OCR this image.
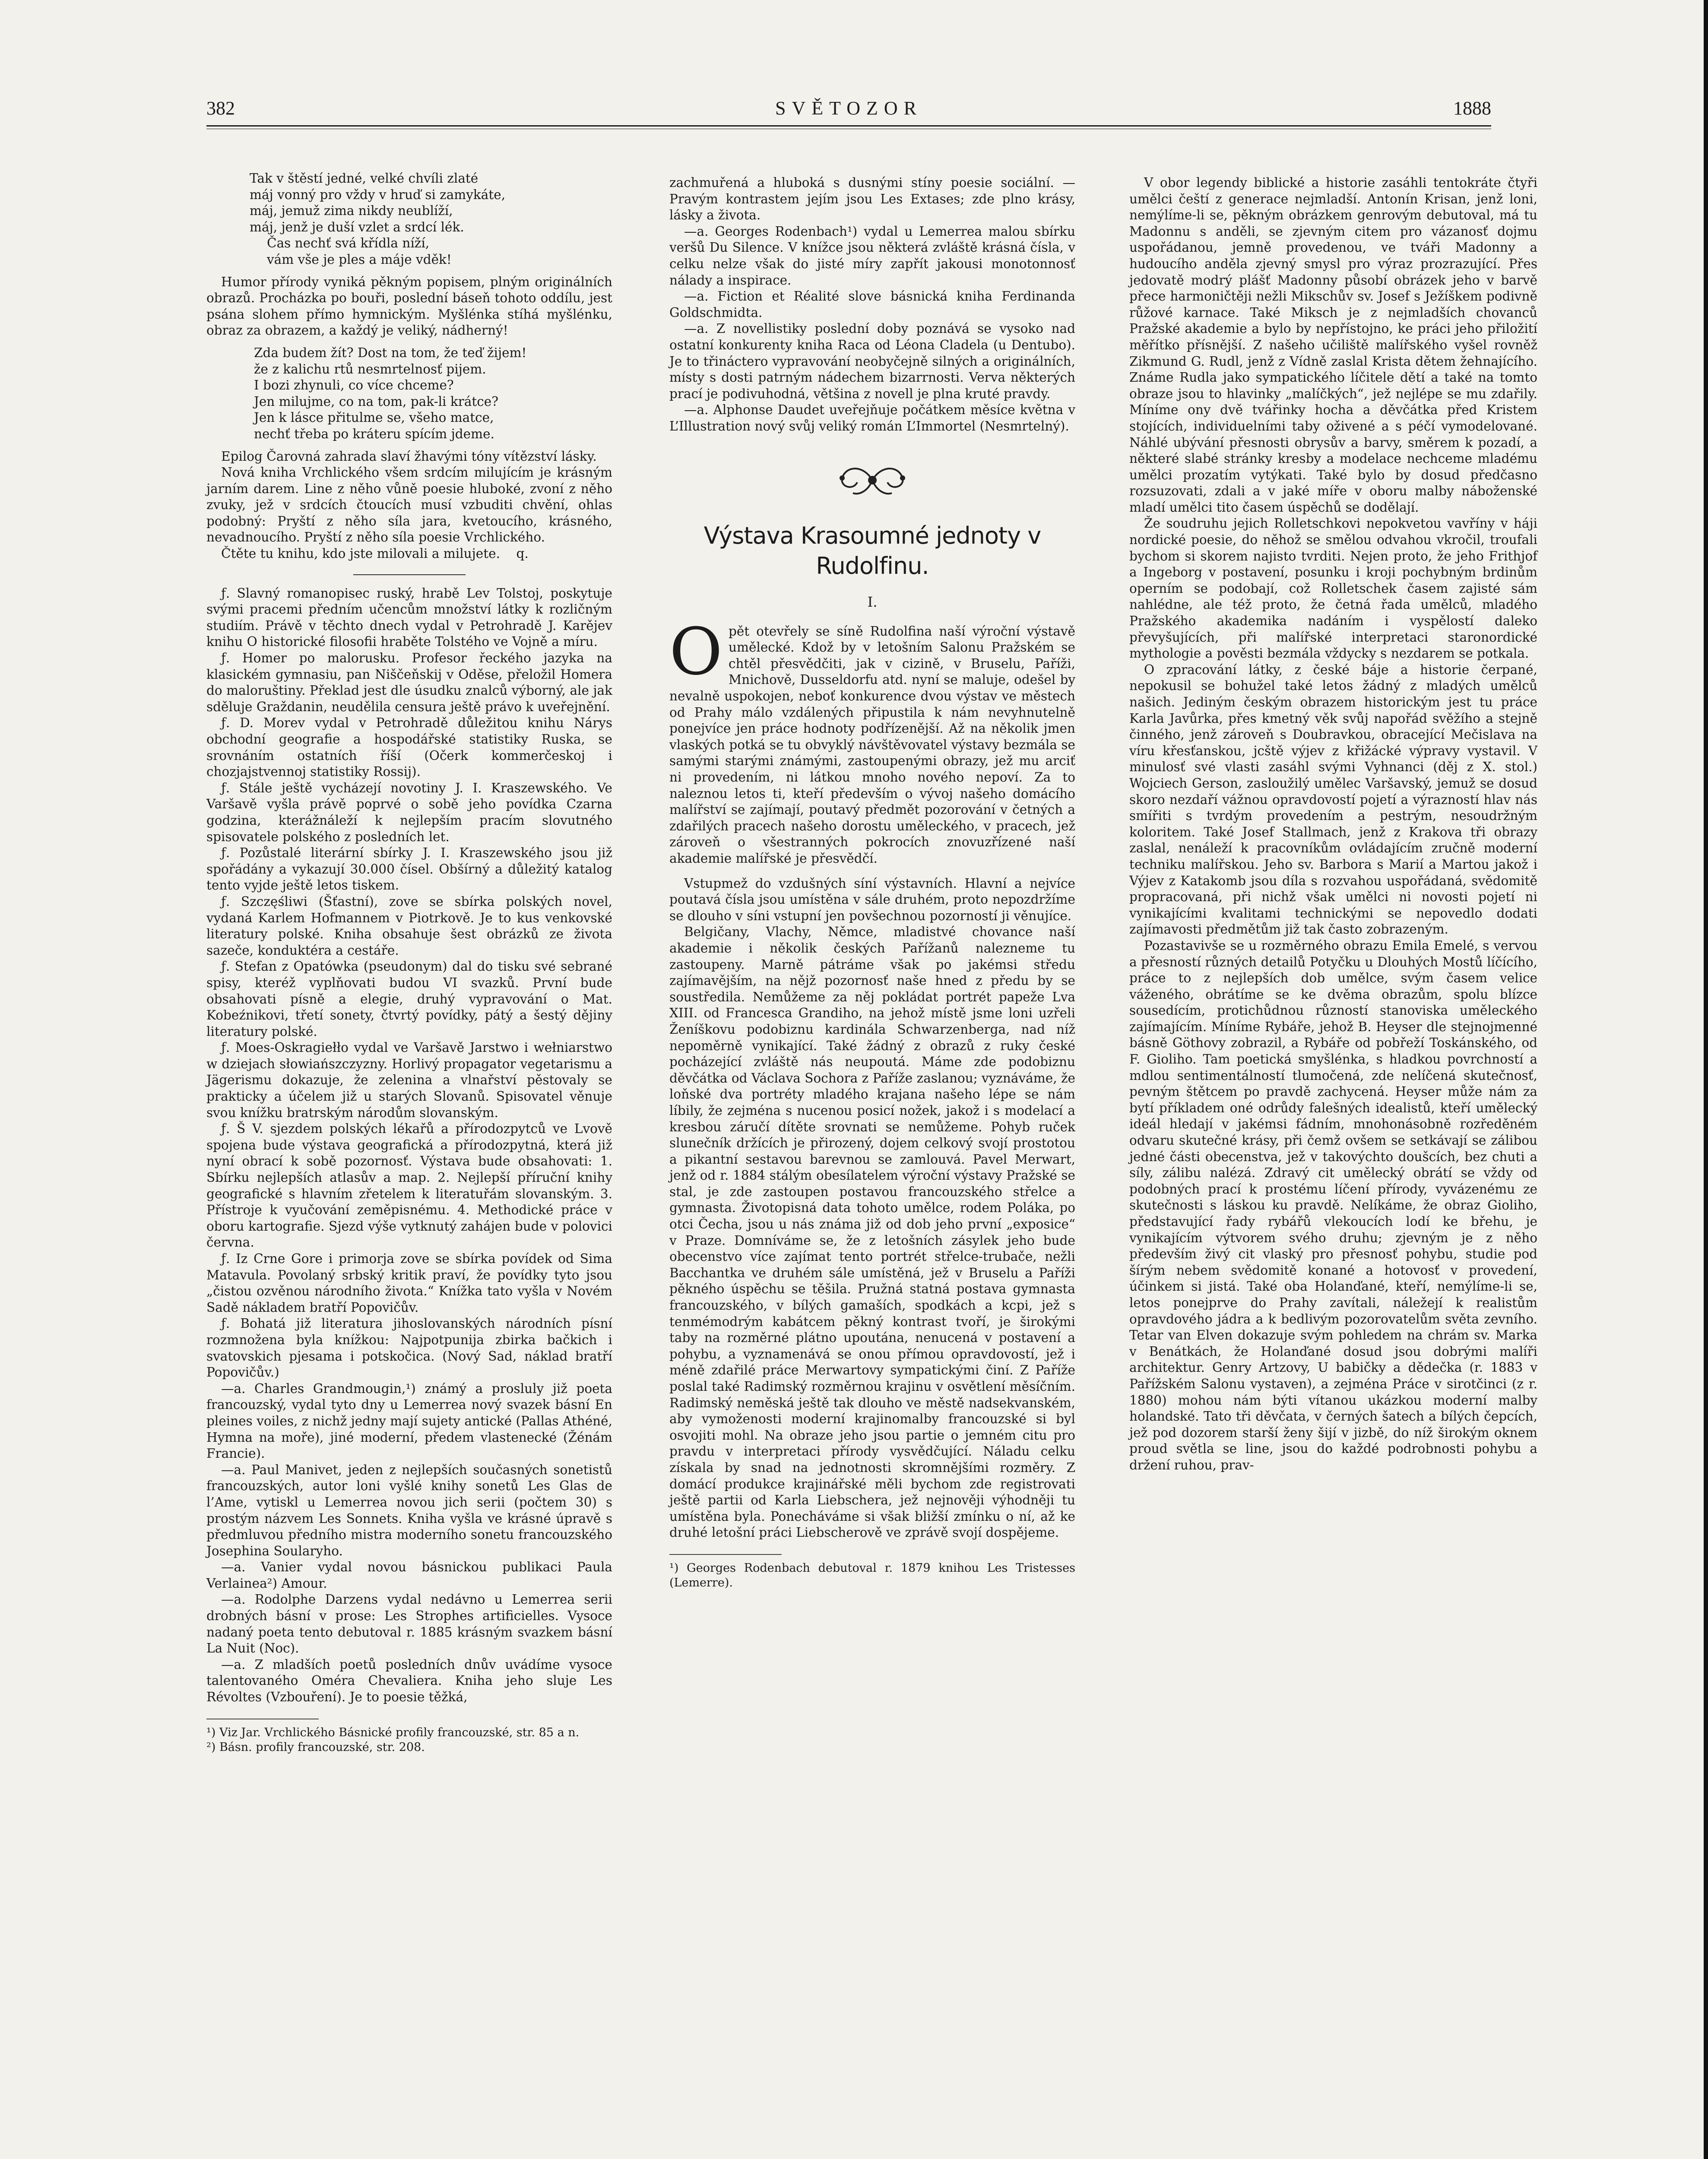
382	SVĚTOZOR	1888
Tak v štěstí jedné, velké chvíli zlaté
máj vonný pro vždy v hruď si zamykáte,
máj, jemuž zima nikdy neublíží,
máj, jenž je duší vzlet a srdcí lék.
Čas nechť svá křídla níží,
vám vše je ples a máje vděk!

Humor přírody vyniká pěkným popisem, plným originálních obrazů. Procházka po bouři, poslední báseň tohoto oddílu, jest psána slohem přímo hymnickým. Myšlénka stíhá myšlénku, obraz za obrazem, a každý je veliký, nádherný!

Zda budem žít? Dost na tom, že teď žijem!
že z kalichu rtů nesmrtelnosť pijem.
I bozi zhynuli, co více chceme?
Jen milujme, co na tom, pak-li krátce?
Jen k lásce přitulme se, všeho matce,
nechť třeba po kráteru spícím jdeme.

Epilog Čarovná zahrada slaví žhavými tóny vítězství lásky.

Nová kniha Vrchlického všem srdcím milujícím je krásným jarním darem. Line z něho vůně poesie hluboké, zvoní z něho zvuky, jež v srdcích čtoucích musí vzbuditi chvění, ohlas podobný: Pryští z něho síla jara, kvetoucího, krásného, nevadnoucího. Pryští z něho síla poesie Vrchlického.

Čtěte tu knihu, kdo jste milovali a milujete. q.

ƒ. Slavný romanopisec ruský, hrabě Lev Tolstoj, poskytuje svými pracemi předním učencům množství látky k rozličným studiím. Právě v těchto dnech vydal v Petrohradě J. Karějev knihu O historické filosofii hraběte Tolstého ve Vojně a míru.

ƒ. Homer po malorusku. Profesor řeckého jazyka na klasickém gymnasiu, pan Niščeňskij v Oděse, přeložil Homera do maloruštiny. Překlad jest dle úsudku znalců výborný, ale jak sděluje Graždanin, neudělila censura ještě právo k uveřejnění.

ƒ. D. Morev vydal v Petrohradě důležitou knihu Nárys obchodní geografie a hospodářské statistiky Ruska, se srovnáním ostatních říší (Očerk kommerčeskoj i chozjajstvennoj statistiky Rossij).

ƒ. Stále ještě vycházejí novotiny J. I. Kraszewského. Ve Varšavě vyšla právě poprvé o sobě jeho povídka Czarna godzina, kterážnáleží k nejlepším pracím slovutného spisovatele polského z posledních let.

ƒ. Pozůstalé literární sbírky J. I. Kraszewského jsou již spořádány a vykazují 30.000 čísel. Obšírný a důležitý katalog tento vyjde ještě letos tiskem.

ƒ. Szczęśliwi (Šťastní), zove se sbírka polských novel, vydaná Karlem Hofmannem v Piotrkově. Je to kus venkovské literatury polské. Kniha obsahuje šest obrázků ze života sazeče, konduktéra a cestáře.

ƒ. Stefan z Opatówka (pseudonym) dal do tisku své sebrané spisy, kteréž vyplňovati budou VI svazků. První bude obsahovati písně a elegie, druhý vypravování o Mat. Kobeźnikovi, třetí sonety, čtvrtý povídky, pátý a šestý dějiny literatury polské.

ƒ. Moes-Oskragiełło vydal ve Varšavě Jarstwo i wełniarstwo w dziejach słowiańszczyzny. Horlivý propagator vegetarismu a Jägerismu dokazuje, že zelenina a vlnařství pěstovaly se prakticky a účelem již u starých Slovanů. Spisovatel věnuje svou knížku bratrským národům slovanským.

ƒ. Š V. sjezdem polských lékařů a přírodozpytců ve Lvově spojena bude výstava geografická a přírodozpytná, která již nyní obrací k sobě pozornosť. Výstava bude obsahovati: 1. Sbírku nejlepších atlasův a map. 2. Nejlepší příruční knihy geografické s hlavním zřetelem k literatuřám slovanským. 3. Přístroje k vyučování zeměpisnému. 4. Methodické práce v oboru kartografie. Sjezd výše vytknutý zahájen bude v polovici června.

ƒ. Iz Crne Gore i primorja zove se sbírka povídek od Sima Matavula. Povolaný srbský kritik praví, že povídky tyto jsou „čistou ozvěnou národního života.“ Knížka tato vyšla v Novém Sadě nákladem bratří Popovičův.

ƒ. Bohatá již literatura jihoslovanských národních písní rozmnožena byla knížkou: Najpotpunija zbirka bačkich i svatovskich pjesama i potskočica. (Nový Sad, náklad bratří Popovičův.)

—a. Charles Grandmougin,¹) známý a prosluly již poeta francouzský, vydal tyto dny u Lemerrea nový svazek básní En pleines voiles, z nichž jedny mají sujety antické (Pallas Athéné, Hymna na moře), jiné moderní, předem vlastenecké (Žénám Francie).

—a. Paul Manivet, jeden z nejlepších současných sonetistů francouzských, autor loni vyšlé knihy sonetů Les Glas de l’Ame, vytiskl u Lemerrea novou jich serii (počtem 30) s prostým názvem Les Sonnets. Kniha vyšla ve krásné úpravě s předmluvou předního mistra moderního sonetu francouzského Josephina Soularyho.

—a. Vanier vydal novou básnickou publikaci Paula Verlainea²) Amour.

—a. Rodolphe Darzens vydal nedávno u Lemerrea serii drobných básní v prose: Les Strophes artificielles. Vysoce nadaný poeta tento debutoval r. 1885 krásným svazkem básní La Nuit (Noc).

—a. Z mladších poetů posledních dnův uvádíme vysoce talentovaného Oméra Chevaliera. Kniha jeho sluje Les Révoltes (Vzbouření). Je to poesie těžká,

¹) Viz Jar. Vrchlického Básnické profily francouzské, str. 85 a n.

²) Básn. profily francouzské, str. 208.

zachmuřená a hluboká s dusnými stíny poesie sociální. — Pravým kontrastem jejím jsou Les Extases; zde plno krásy, lásky a života.

—a. Georges Rodenbach¹) vydal u Lemerrea malou sbírku veršů Du Silence. V knížce jsou některá zvláště krásná čísla, v celku nelze však do jisté míry zapřít jakousi monotonnosť nálady a inspirace.

—a. Fiction et Réalité slove básnická kniha Ferdinanda Goldschmidta.

—a. Z novellistiky poslední doby poznává se vysoko nad ostatní konkurenty kniha Raca od Léona Cladela (u Dentubo). Je to třináctero vypravování neobyčejně silných a originálních, místy s dosti patrným nádechem bizarrnosti. Verva některých prací je podivuhodná, většina z novell je plna kruté pravdy.

—a. Alphonse Daudet uveřejňuje počátkem měsíce května v L’Illustration nový svůj veliký román L’Immortel (Nesmrtelný).

Výstava Krasoumné jednoty v Rudolfinu.
I.

Opět otevřely se síně Rudolfina naší výroční výstavě umělecké. Kdož by v letošním Salonu Pražském se chtěl přesvědčiti, jak v cizině, v Bruselu, Paříži, Mnichově, Dusseldorfu atd. nyní se maluje, odešel by nevalně uspokojen, neboť konkurence dvou výstav ve městech od Prahy málo vzdálených připustila k nám nevyhnutelně ponejvíce jen práce hodnoty podřízenější. Až na několik jmen vlaských potká se tu obvyklý návštěvovatel výstavy bezmála se samými starými známými, zastoupenými obrazy, jež mu arciť ni provedením, ni látkou mnoho nového nepoví. Za to naleznou letos ti, kteří především o vývoj našeho domácího malířství se zajímají, poutavý předmět pozorování v četných a zdařilých pracech našeho dorostu uměleckého, v pracech, jež zároveň o všestranných pokrocích znovuzřízené naší akademie malířské je přesvědčí.

Vstupmež do vzdušných síní výstavních. Hlavní a nejvíce poutavá čísla jsou umístěna v sále druhém, proto nepozdržíme se dlouho v síni vstupní jen povšechnou pozorností ji věnujíce.

Belgičany, Vlachy, Němce, mladistvé chovance naší akademie i několik českých Pařížanů nalezneme tu zastoupeny. Marně pátráme však po jakémsi středu zajímavějším, na nějž pozornosť naše hned z předu by se soustředila. Nemůžeme za něj pokládat portrét papeže Lva XIII. od Francesca Grandiho, na jehož místě jsme loni uzřeli Ženíškovu podobiznu kardinála Schwarzenberga, nad níž nepoměrně vynikající. Také žádný z obrazů z ruky české pocházející zvláště nás neupoutá. Máme zde podobiznu děvčátka od Václava Sochora z Paříže zaslanou; vyznáváme, že loňské dva portréty mladého krajana našeho lépe se nám líbily, že zejména s nucenou posicí nožek, jakož i s modelací a kresbou záručí dítěte srovnati se nemůžeme. Pohyb ruček slunečník držících je přirozený, dojem celkový svojí prostotou a pikantní sestavou barevnou se zamlouvá. Pavel Merwart, jenž od r. 1884 stálým obesílatelem výroční výstavy Pražské se stal, je zde zastoupen postavou francouzského střelce a gymnasta. Životopisná data tohoto umělce, rodem Poláka, po otci Čecha, jsou u nás známa již od dob jeho první „exposice“ v Praze. Domníváme se, že z letošních zásylek jeho bude obecenstvo více zajímat tento portrét střelce-trubače, nežli Bacchantka ve druhém sále umístěná, jež v Bruselu a Paříži pěkného úspěchu se těšila. Pružná statná postava gymnasta francouzského, v bílých gamaších, spodkách a kcpi, jež s tenmémodrým kabátcem pěkný kontrast tvoří, je širokými taby na rozměrné plátno upoutána, nenucená v postavení a pohybu, a vyznamenává se onou přímou opravdovostí, jež i méně zdařilé práce Merwartovy sympatickými činí. Z Paříže poslal také Radimský rozměrnou krajinu v osvětlení měsíčním. Radimský neměská ještě tak dlouho ve městě nadsekvanském, aby vymoženosti moderní krajinomalby francouzské si byl osvojiti mohl. Na obraze jeho jsou partie o jemném citu pro pravdu v interpretaci přírody vysvědčující. Náladu celku získala by snad na jednotnosti skromnějšími rozměry. Z domácí produkce krajinářské měli bychom zde registrovati ještě partii od Karla Liebschera, jež nejnověji výhodněji tu umístěna byla. Ponecháváme si však bližší zmínku o ní, až ke druhé letošní práci Liebscherově ve zprávě svojí dospějeme.

¹) Georges Rodenbach debutoval r. 1879 knihou Les Tristesses (Lemerre).

V obor legendy biblické a historie zasáhli tentokráte čtyři umělci čeští z generace nejmladší. Antonín Krisan, jenž loni, nemýlíme-li se, pěkným obrázkem genrovým debutoval, má tu Madonnu s anděli, se zjevným citem pro vázanosť dojmu uspořádanou, jemně provedenou, ve tváři Madonny a hudoucího anděla zjevný smysl pro výraz prozrazující. Přes jedovatě modrý plášť Madonny působí obrázek jeho v barvě přece harmoničtěji nežli Mikschův sv. Josef s Ježíškem podivně růžové karnace. Také Miksch je z nejmladších chovanců Pražské akademie a bylo by nepřístojno, ke práci jeho přiložití měřítko přísnější. Z našeho učiliště malířského vyšel rovněž Zikmund G. Rudl, jenž z Vídně zaslal Krista dětem žehnajícího. Známe Rudla jako sympatického líčitele dětí a také na tomto obraze jsou to hlavinky „malíčkých“, jež nejlépe se mu zdařily. Míníme ony dvě tvářinky hocha a děvčátka před Kristem stojících, individuelními taby oživené a s péčí vymodelované. Náhlé ubývání přesnosti obrysův a barvy, směrem k pozadí, a některé slabé stránky kresby a modelace nechceme mladému umělci prozatím vytýkati. Také bylo by dosud předčasno rozsuzovati, zdali a v jaké míře v oboru malby náboženské mladí umělci tito časem úspěchů se dodělají.

Že soudruhu jejich Rolletschkovi nepokvetou vavříny v háji nordické poesie, do něhož se smělou odvahou vkročil, troufali bychom si skorem najisto tvrditi. Nejen proto, že jeho Frithjof a Ingeborg v postavení, posunku i kroji pochybným brdinům operním se podobají, což Rolletschek časem zajisté sám nahlédne, ale též proto, že četná řada umělců, mladého Pražského akademika nadáním i vyspělostí daleko převyšujících, při malířské interpretaci staronordické mythologie a pověsti bezmála vždycky s nezdarem se potkala.

O zpracování látky, z české báje a historie čerpané, nepokusil se bohužel také letos žádný z mladých umělců našich. Jediným českým obrazem historickým jest tu práce Karla Javůrka, přes kmetný věk svůj napořád svěžího a stejně činného, jenž zároveň s Doubravkou, obracející Mečislava na víru křesťanskou, jcště výjev z křižácké výpravy vystavil. V minulosť své vlasti zasáhl svými Vyhnanci (děj z X. stol.) Wojciech Gerson, zasloužilý umělec Varšavský, jemuž se dosud skoro nezdaří vážnou opravdovostí pojetí a výrazností hlav nás smířiti s tvrdým provedením a pestrým, nesoudržným koloritem. Také Josef Stallmach, jenž z Krakova tři obrazy zaslal, nenáleží k pracovníkům ovládajícím zručně moderní techniku malířskou. Jeho sv. Barbora s Marií a Martou jakož i Výjev z Katakomb jsou díla s rozvahou uspořádaná, svědomitě propracovaná, při nichž však umělci ni novosti pojetí ni vynikajícími kvalitami technickými se nepovedlo dodati zajímavosti předmětům již tak často zobrazeným.

Pozastavivše se u rozměrného obrazu Emila Emelé, s vervou a přesností různých detailů Potyčku u Dlouhých Mostů líčícího, práce to z nejlepších dob umělce, svým časem velice váženého, obrátíme se ke dvěma obrazům, spolu blízce sousedícím, protichůdnou růzností stanoviska uměleckého zajímajícím. Míníme Rybáře, jehož B. Heyser dle stejnojmenné básně Göthovy zobrazil, a Rybáře od pobřeží Toskánského, od F. Gioliho. Tam poetická smyšlénka, s hladkou povrchností a mdlou sentimentálností tlumočená, zde nelíčená skutečnosť, pevným štětcem po pravdě zachycená. Heyser může nám za bytí příkladem oné odrůdy falešných idealistů, kteří umělecký ideál hledají v jakémsi fádním, mnohonásobně rozředěném odvaru skutečné krásy, při čemž ovšem se setkávají se zálibou jedné části obecenstva, jež v takovýchto doušcích, bez chuti a síly, zálibu nalézá. Zdravý cit umělecký obrátí se vždy od podobných prací k prostému líčení přírody, vyvázenému ze skutečnosti s láskou ku pravdě. Nelíkáme, že obraz Gioliho, představující řady rybářů vlekoucích lodí ke břehu, je vynikajícím výtvorem svého druhu; zjevným je z něho především živý cit vlaský pro přesnosť pohybu, studie pod šírým nebem svědomitě konané a hotovosť v provedení, účinkem si jistá. Také oba Holanďané, kteří, nemýlíme-li se, letos ponejprve do Prahy zavítali, náležejí k realistům opravdového jádra a k bedlivým pozorovatelům světa zevního. Tetar van Elven dokazuje svým pohledem na chrám sv. Marka v Benátkách, že Holanďané dosud jsou dobrými malíři architektur. Genry Artzovy, U babičky a dědečka (r. 1883 v Pařížském Salonu vystaven), a zejména Práce v sirotčinci (z r. 1880) mohou nám býti vítanou ukázkou moderní malby holandské. Tato tři děvčata, v černých šatech a bílých čepcích, jež pod dozorem starší ženy šijí v jizbě, do níž širokým oknem proud světla se line, jsou do každé podrobnosti pohybu a držení ruhou, prav-
